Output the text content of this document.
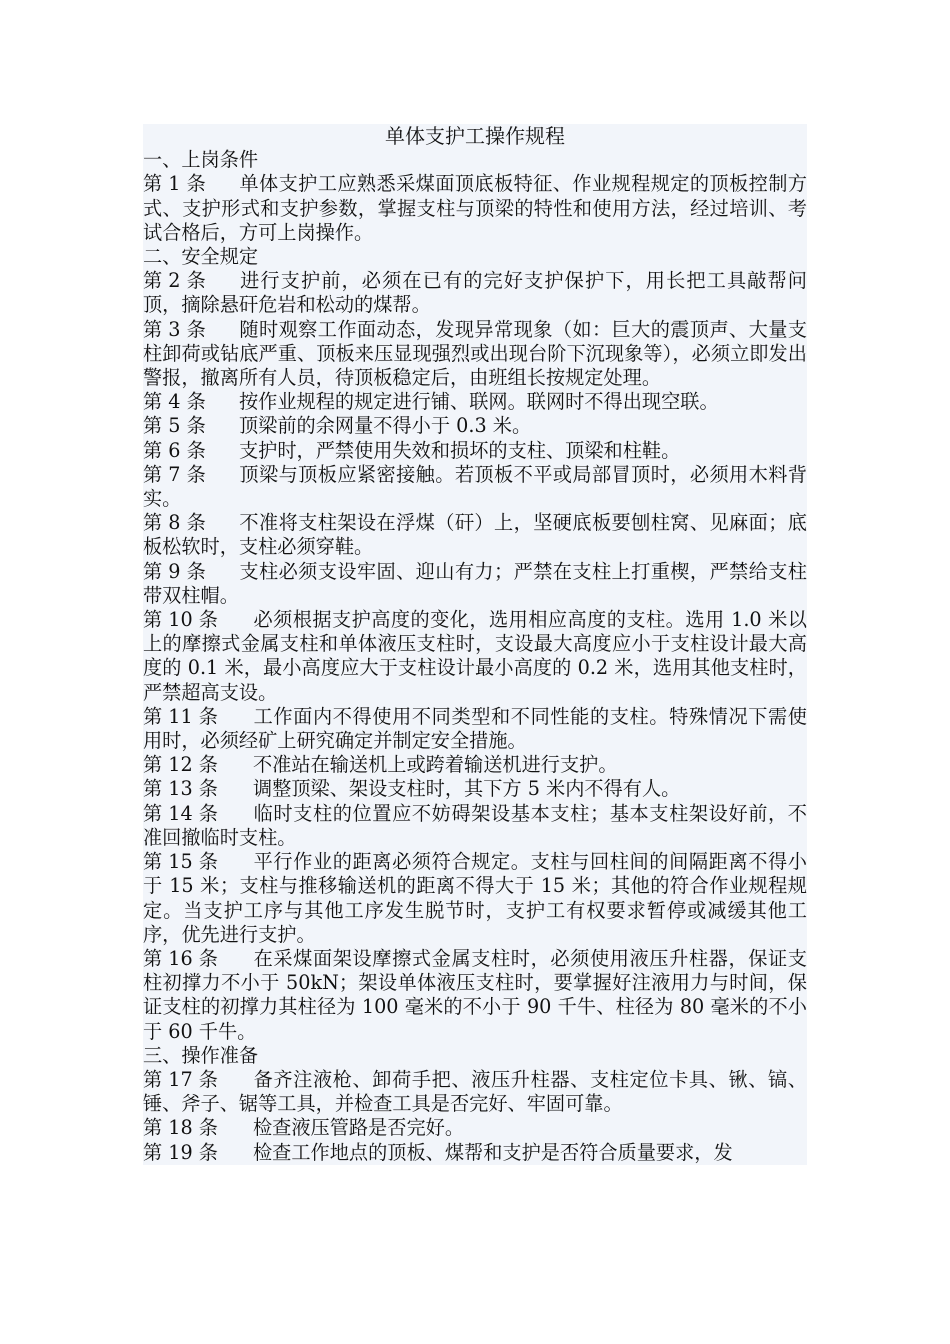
单体支护工操作规程

一、上岗条件

第 1 条 单体支护工应熟悉采煤面顶底板特征、作业规程规定的顶板控制方式、支护形式和支护参数，掌握支柱与顶梁的特性和使用方法，经过培训、考试合格后，方可上岗操作。

二、安全规定

第 2 条 进行支护前，必须在已有的完好支护保护下，用长把工具敲帮问顶，摘除悬矸危岩和松动的煤帮。

第 3 条 随时观察工作面动态，发现异常现象（如：巨大的震顶声、大量支柱卸荷或钻底严重、顶板来压显现强烈或出现台阶下沉现象等），必须立即发出警报，撤离所有人员，待顶板稳定后，由班组长按规定处理。

第 4 条 按作业规程的规定进行铺、联网。联网时不得出现空联。

第 5 条 顶梁前的余网量不得小于 0.3 米。

第 6 条 支护时，严禁使用失效和损坏的支柱、顶梁和柱鞋。

第 7 条 顶梁与顶板应紧密接触。若顶板不平或局部冒顶时，必须用木料背实。

第 8 条 不准将支柱架设在浮煤（矸）上，坚硬底板要刨柱窝、见麻面；底板松软时，支柱必须穿鞋。

第 9 条 支柱必须支设牢固、迎山有力；严禁在支柱上打重楔，严禁给支柱带双柱帽。

第 10 条 必须根据支护高度的变化，选用相应高度的支柱。选用 1.0 米以上的摩擦式金属支柱和单体液压支柱时，支设最大高度应小于支柱设计最大高度的 0.1 米，最小高度应大于支柱设计最小高度的 0.2 米，选用其他支柱时，严禁超高支设。

第 11 条 工作面内不得使用不同类型和不同性能的支柱。特殊情况下需使用时，必须经矿上研究确定并制定安全措施。

第 12 条 不准站在输送机上或跨着输送机进行支护。

第 13 条 调整顶梁、架设支柱时，其下方 5 米内不得有人。

第 14 条 临时支柱的位置应不妨碍架设基本支柱；基本支柱架设好前，不准回撤临时支柱。

第 15 条 平行作业的距离必须符合规定。支柱与回柱间的间隔距离不得小于 15 米；支柱与推移输送机的距离不得大于 15 米；其他的符合作业规程规定。当支护工序与其他工序发生脱节时，支护工有权要求暂停或减缓其他工序，优先进行支护。

第 16 条 在采煤面架设摩擦式金属支柱时，必须使用液压升柱器，保证支柱初撑力不小于 50kN；架设单体液压支柱时，要掌握好注液用力与时间，保证支柱的初撑力其柱径为 100 毫米的不小于 90 千牛、柱径为 80 毫米的不小于 60 千牛。

三、操作准备

第 17 条 备齐注液枪、卸荷手把、液压升柱器、支柱定位卡具、锹、镐、锤、斧子、锯等工具，并检查工具是否完好、牢固可靠。

第 18 条 检查液压管路是否完好。

第 19 条 检查工作地点的顶板、煤帮和支护是否符合质量要求，发
